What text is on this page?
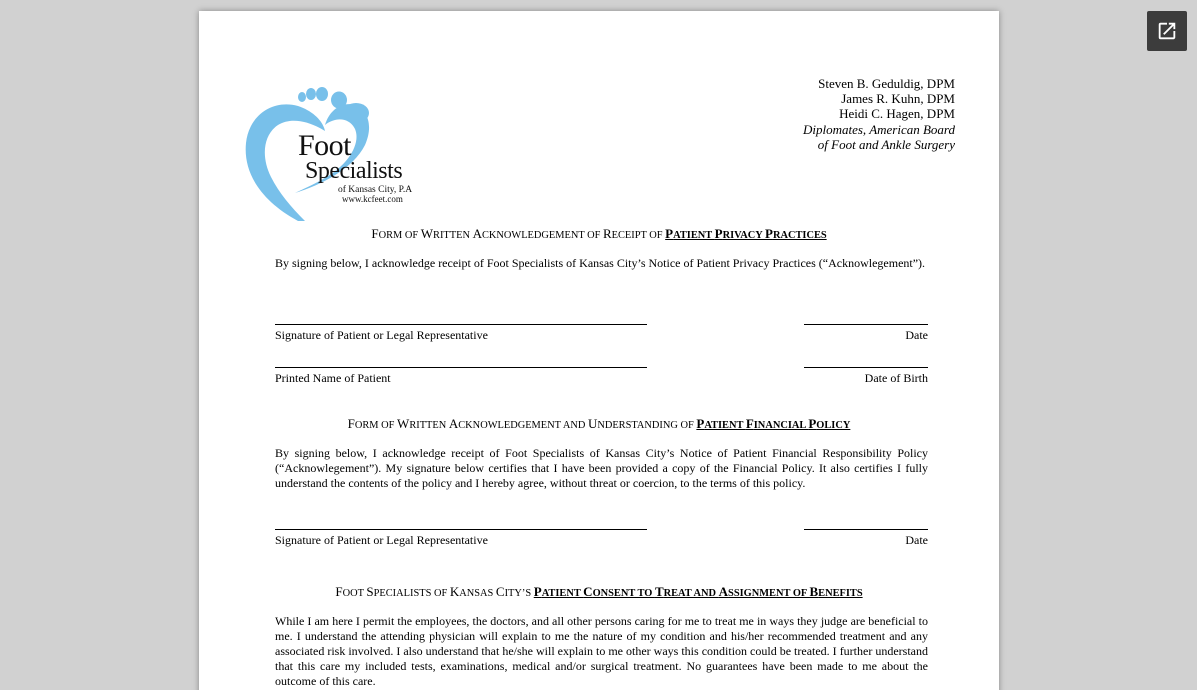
Foot
Specialists
of Kansas City, P.A
www.kcfeet.com
Steven B. Geduldig, DPM
James R. Kuhn, DPM
Heidi C. Hagen, DPM
Diplomates, American Board
of Foot and Ankle Surgery
FORM OF WRITTEN ACKNOWLEDGEMENT OF RECEIPT OF PATIENT PRIVACY PRACTICES
By signing below, I acknowledge receipt of Foot Specialists of Kansas City’s Notice of Patient Privacy Practices (“Acknowlegement”).
Signature of Patient or Legal Representative	Date
Printed Name of Patient	Date of Birth
FORM OF WRITTEN ACKNOWLEDGEMENT AND UNDERSTANDING OF PATIENT FINANCIAL POLICY
By signing below, I acknowledge receipt of Foot Specialists of Kansas City’s Notice of Patient Financial Responsibility Policy (“Acknowlegement”). My signature below certifies that I have been provided a copy of the Financial Policy. It also certifies I fully understand the contents of the policy and I hereby agree, without threat or coercion, to the terms of this policy.
Signature of Patient or Legal Representative	Date
FOOT SPECIALISTS OF KANSAS CITY’S PATIENT CONSENT TO TREAT AND ASSIGNMENT OF BENEFITS
While I am here I permit the employees, the doctors, and all other persons caring for me to treat me in ways they judge are beneficial to me. I understand the attending physician will explain to me the nature of my condition and his/her recommended treatment and any associated risk involved. I also understand that he/she will explain to me other ways this condition could be treated. I further understand that this care my included tests, examinations, medical and/or surgical treatment. No guarantees have been made to me about the outcome of this care.
